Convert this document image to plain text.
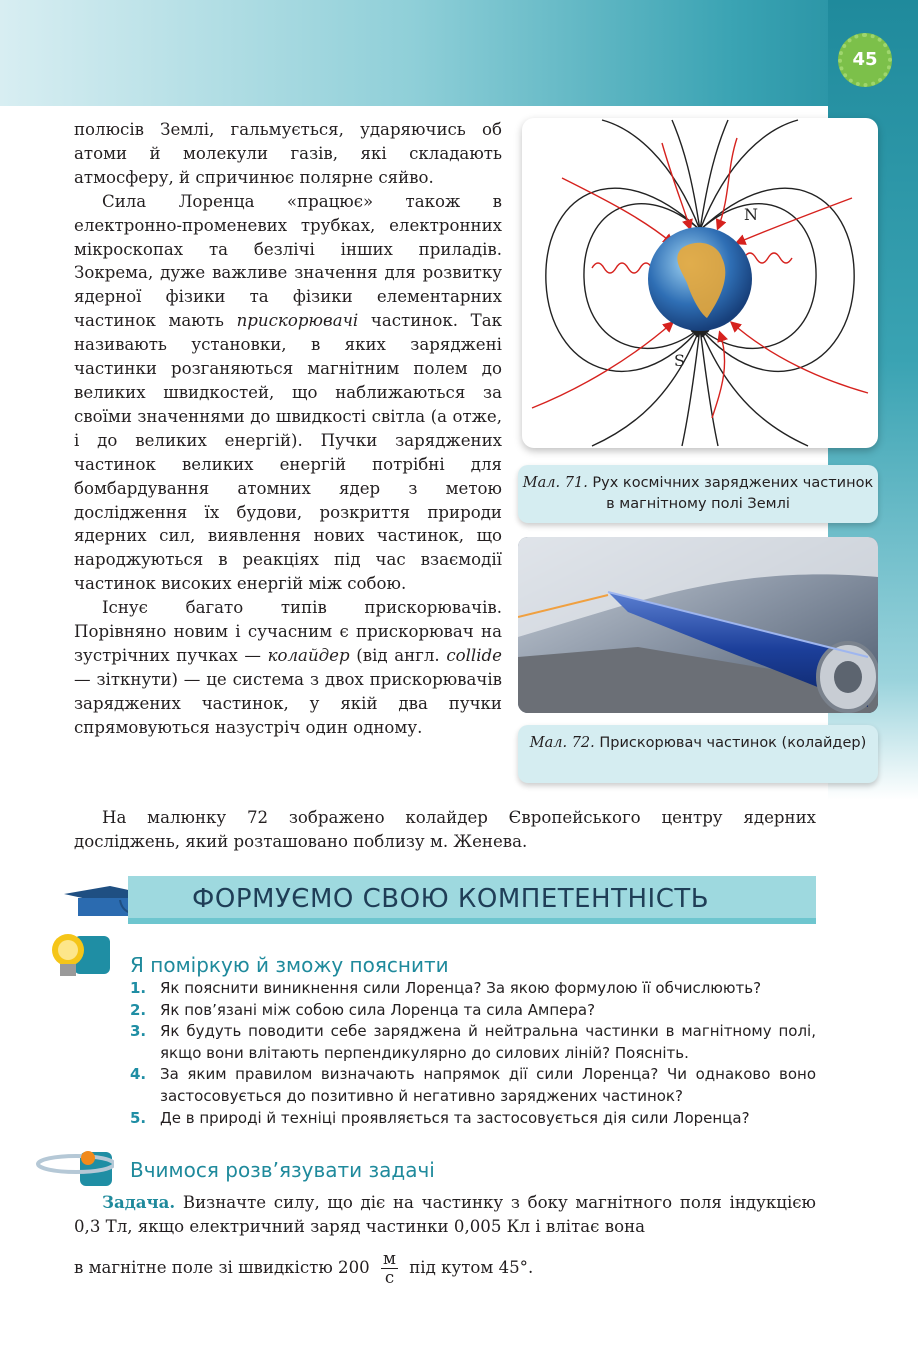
45

полюсів Землі, гальмується, ударяючись об атоми й молекули газів, які складають атмосферу, й спричинює полярне сяйво.

Сила Лоренца «працює» також в електронно-променевих трубках, електронних мікроскопах та безлічі інших приладів. Зокрема, дуже важливе значення для розвитку ядерної фізики та фізики елементарних частинок мають прискорювачі частинок. Так називають установки, в яких заряджені частинки розганяються магнітним полем до великих швидкостей, що наближаються за своїми значеннями до швидкості світла (а отже, і до великих енергій). Пучки заряджених частинок великих енергій потрібні для бомбардування атомних ядер з метою дослідження їх будови, розкриття природи ядерних сил, виявлення нових частинок, що народжуються в реакціях під час взаємодії частинок високих енергій між собою.

Існує багато типів прискорювачів. Порівняно новим і сучасним є прискорювач на зустрічних пучках — колайдер (від англ. collide — зіткнути) — це система з двох прискорювачів заряджених частинок, у якій два пучки спрямовуються назустріч один одному.

N
S
Мал. 71. Рух космічних заряджених частинок в магнітному полі Землі
Мал. 72. Прискорювач частинок (колайдер)

На малюнку 72 зображено колайдер Європейського центру ядерних досліджень, який розташовано поблизу м. Женева.

ФОРМУЄМО СВОЮ КОМПЕТЕНТНІСТЬ
Я поміркую й зможу пояснити
1. Як пояснити виникнення сили Лоренца? За якою формулою її обчислюють?
2. Як пов’язані між собою сила Лоренца та сила Ампера?
3. Як будуть поводити себе заряджена й нейтральна частинки в магнітному полі, якщо вони влітають перпендикулярно до силових ліній? Поясніть.
4. За яким правилом визначають напрямок дії сили Лоренца? Чи однаково воно застосовується до позитивно й негативно заряджених частинок?
5. Де в природі й техніці проявляється та застосовується дія сили Лоренца?
Вчимося розв’язувати задачі

Задача. Визначте силу, що діє на частинку з боку магнітного поля індукцією 0,3 Тл, якщо електричний заряд частинки 0,005 Кл і влітає вона

в магнітне поле зі швидкістю $200 \frac{м}{с}$ під кутом 45°.
